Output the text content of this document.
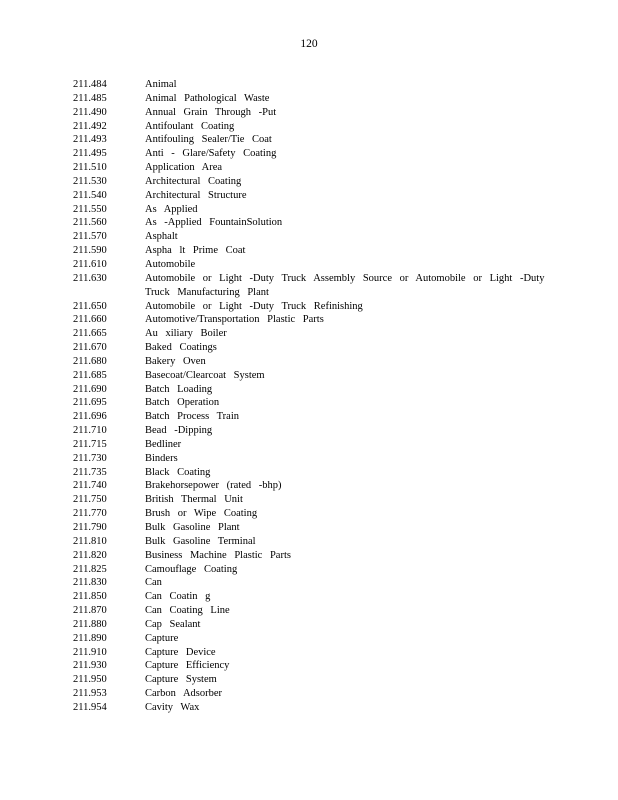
120
211.484	Animal
211.485	Animal Pathological Waste
211.490	Annual Grain Through -Put
211.492	Antifoulant Coating
211.493	Antifouling Sealer/Tie Coat
211.495	Anti - Glare/Safety Coating
211.510	Application Area
211.530	Architectural Coating
211.540	Architectural Structure
211.550	As Applied
211.560	As -Applied FountainSolution
211.570	Asphalt
211.590	Aspha lt Prime Coat
211.610	Automobile
211.630	Automobile or Light -Duty Truck Assembly Source or Automobile or Light -Duty Truck Manufacturing Plant
211.650	Automobile or Light -Duty Truck Refinishing
211.660	Automotive/Transportation Plastic Parts
211.665	Au xiliary Boiler
211.670	Baked Coatings
211.680	Bakery Oven
211.685	Basecoat/Clearcoat System
211.690	Batch Loading
211.695	Batch Operation
211.696	Batch Process Train
211.710	Bead -Dipping
211.715	Bedliner
211.730	Binders
211.735	Black Coating
211.740	Brakehorsepower (rated -bhp)
211.750	British Thermal Unit
211.770	Brush or Wipe Coating
211.790	Bulk Gasoline Plant
211.810	Bulk Gasoline Terminal
211.820	Business Machine Plastic Parts
211.825	Camouflage Coating
211.830	Can
211.850	Can Coatin g
211.870	Can Coating Line
211.880	Cap Sealant
211.890	Capture
211.910	Capture Device
211.930	Capture Efficiency
211.950	Capture System
211.953	Carbon Adsorber
211.954	Cavity Wax
